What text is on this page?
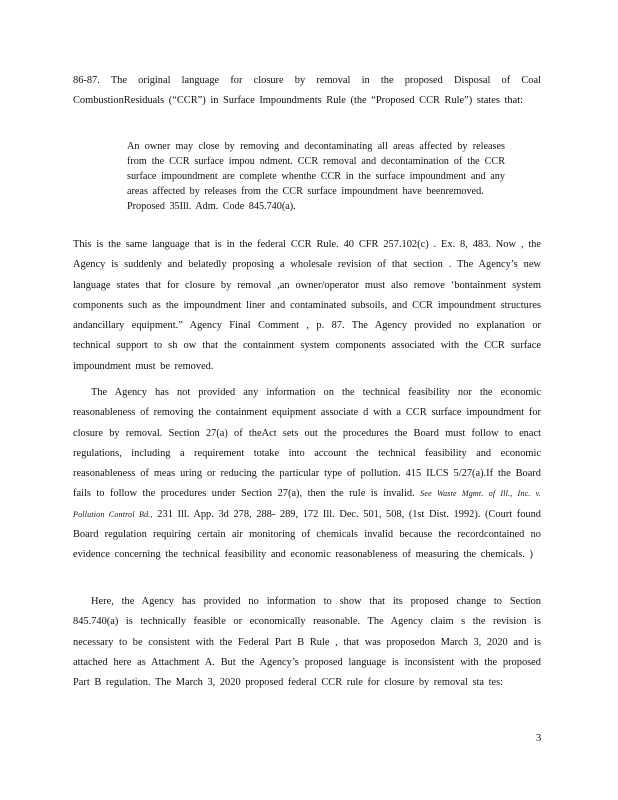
86-87. The original language for closure by removal in the proposed Disposal of Coal CombustionResiduals (“CCR”) in Surface Impoundments Rule (the “Proposed CCR Rule”) states that:

An owner may close by removing and decontaminating all areas affected by releases from the CCR surface impou ndment. CCR removal and decontamination of the CCR surface impoundment are complete whenthe CCR in the surface impoundment and any areas affected by releases from the CCR surface impoundment have beenremoved.
Proposed 35Ill. Adm. Code 845.740(a).

This is the same language that is in the federal CCR Rule. 40 CFR 257.102(c) . Ex. 8, 483. Now , the Agency is suddenly and belatedly proposing a wholesale revision of that section . The Agency’s new language states that for closure by removal ,an owner/operator must also remove ‘bontainment system components such as the impoundment liner and contaminated subsoils, and CCR impoundment structures andancillary equipment.” Agency Final Comment , p. 87. The Agency provided no explanation or technical support to sh ow that the containment system components associated with the CCR surface impoundment must be removed.

The Agency has not provided any information on the technical feasibility nor the economic reasonableness of removing the containment equipment associate d with a CCR surface impoundment for closure by removal. Section 27(a) of theAct sets out the procedures the Board must follow to enact regulations, including a requirement totake into account the technical feasibility and economic reasonableness of meas uring or reducing the particular type of pollution. 415 ILCS 5/27(a).If the Board fails to follow the procedures under Section 27(a), then the rule is invalid. See Waste Mgmt. of Ill., Inc. v. Pollution Control Bd., 231 Ill. App. 3d 278, 288- 289, 172 Ill. Dec. 501, 508, (1st Dist. 1992). (Court found Board regulation requiring certain air monitoring of chemicals invalid because the recordcontained no evidence concerning the technical feasibility and economic reasonableness of measuring the chemicals. )

Here, the Agency has provided no information to show that its proposed change to Section 845.740(a) is technically feasible or economically reasonable. The Agency claim s the revision is necessary to be consistent with the Federal Part B Rule , that was proposedon March 3, 2020 and is attached here as Attachment A. But the Agency’s proposed language is inconsistent with the proposed Part B regulation. The March 3, 2020 proposed federal CCR rule for closure by removal sta tes:

3
